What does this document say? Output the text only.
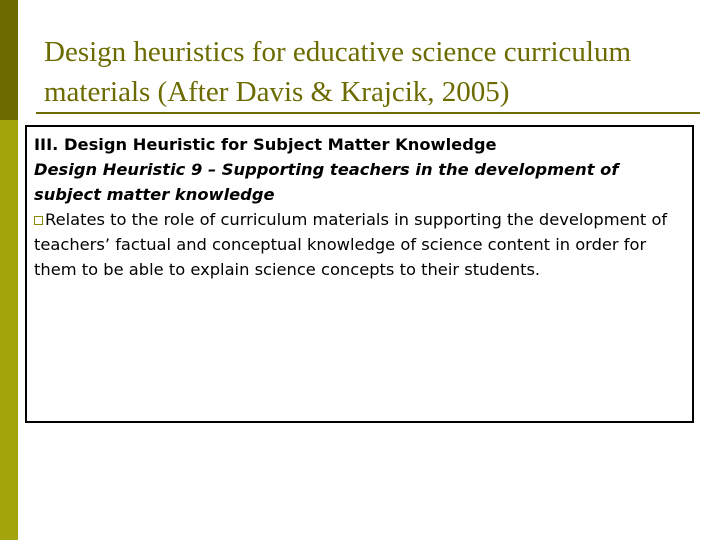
Design heuristics for educative science curriculum materials (After Davis & Krajcik, 2005)

III. Design Heuristic for Subject Matter Knowledge

Design Heuristic 9 – Supporting teachers in the development of subject matter knowledge

Relates to the role of curriculum materials in supporting the development of teachers’ factual and conceptual knowledge of science content in order for them to be able to explain science concepts to their students.
